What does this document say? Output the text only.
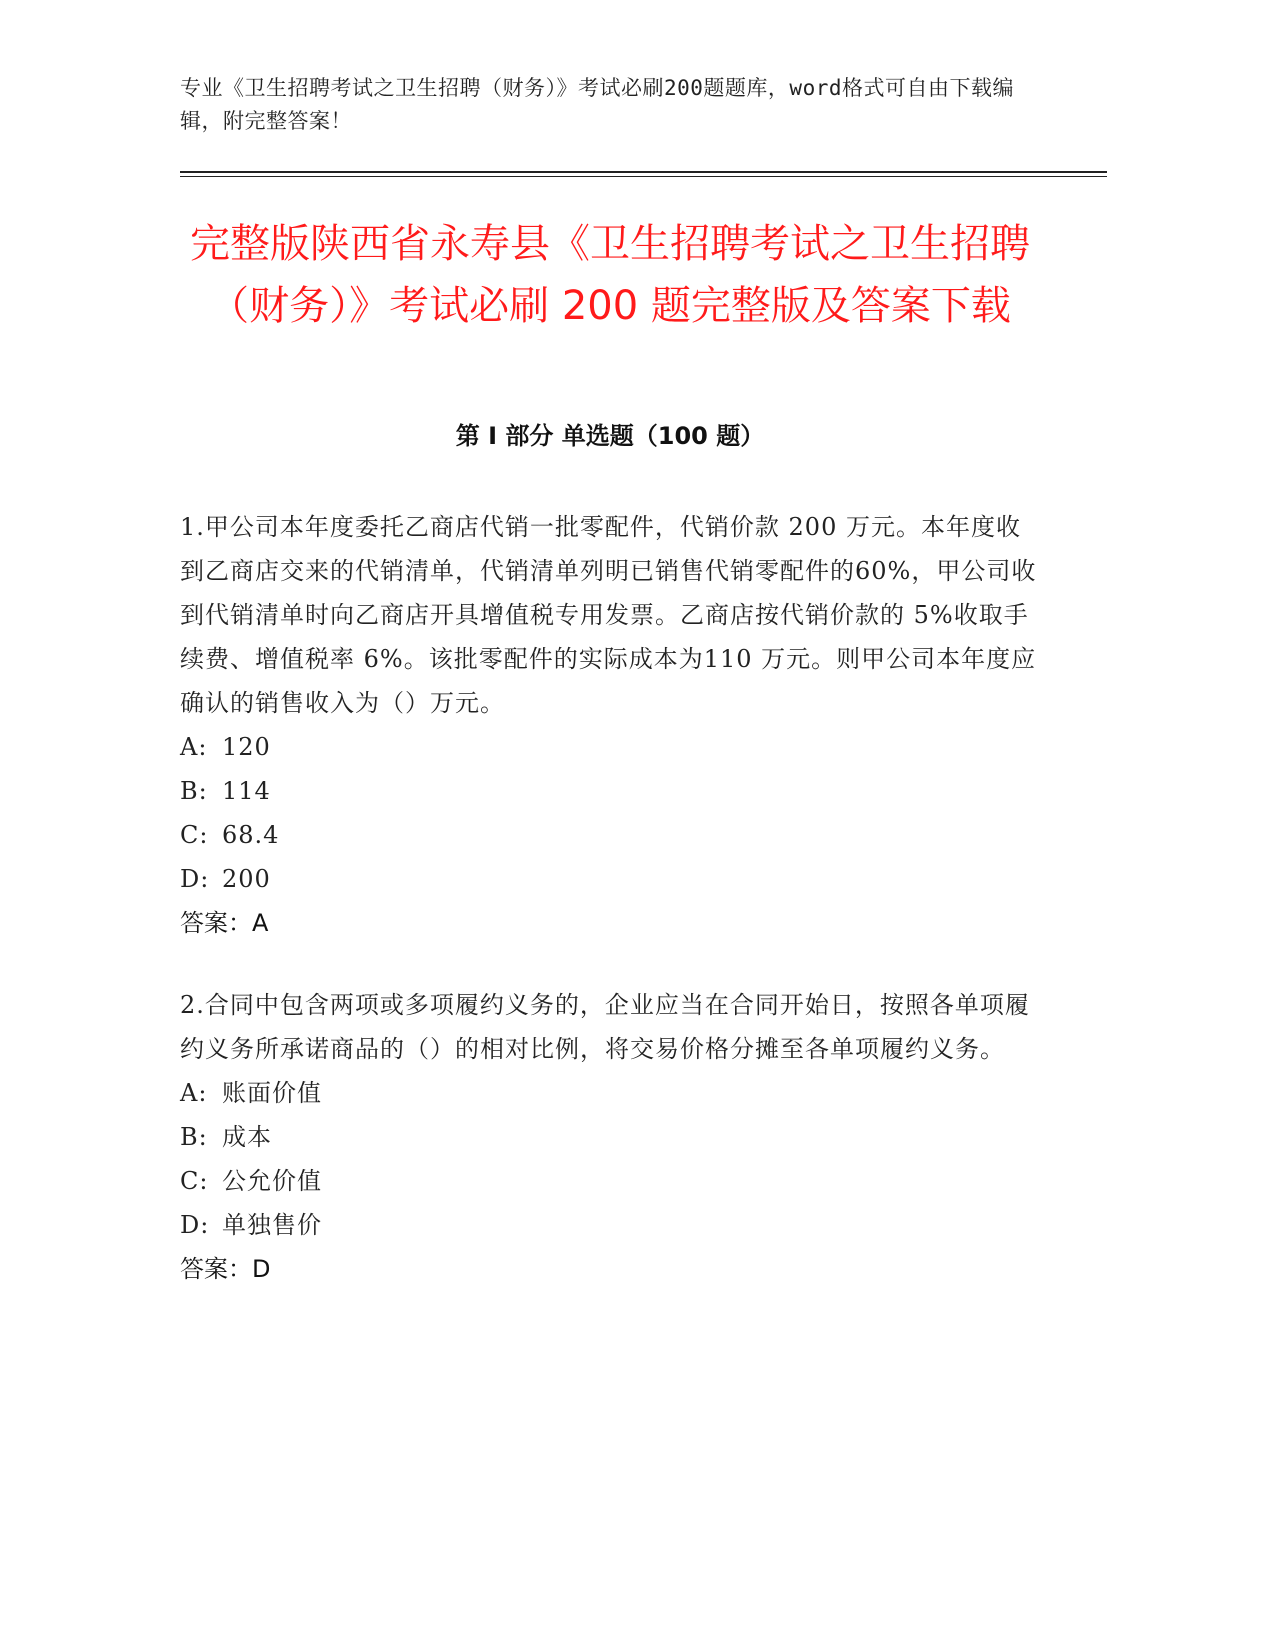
专业《卫生招聘考试之卫生招聘（财务）》考试必刷200题题库，word格式可自由下载编辑，附完整答案！
完整版陕西省永寿县《卫生招聘考试之卫生招聘（财务）》考试必刷 200 题完整版及答案下载
第 I 部分 单选题（100 题）

1.甲公司本年度委托乙商店代销一批零配件，代销价款 200 万元。本年度收到乙商店交来的代销清单，代销清单列明已销售代销零配件的60%，甲公司收到代销清单时向乙商店开具增值税专用发票。乙商店按代销价款的 5%收取手续费、增值税率 6%。该批零配件的实际成本为110 万元。则甲公司本年度应确认的销售收入为（）万元。

A: 120
B: 114
C: 68.4
D: 200
答案：A

2.合同中包含两项或多项履约义务的，企业应当在合同开始日，按照各单项履约义务所承诺商品的（）的相对比例，将交易价格分摊至各单项履约义务。

A: 账面价值
B: 成本
C: 公允价值
D: 单独售价
答案：D
